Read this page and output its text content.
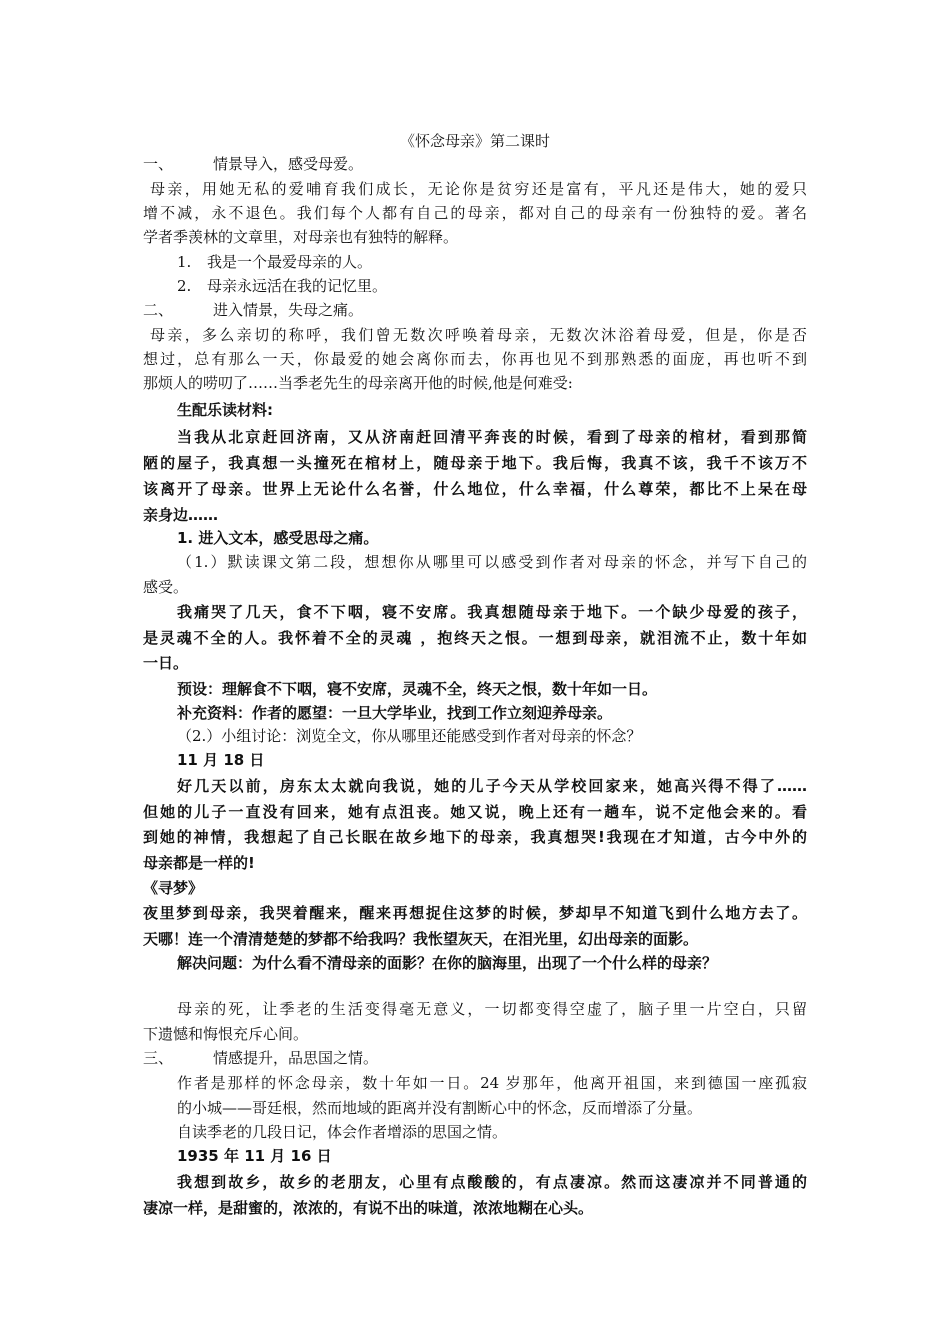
《怀念母亲》第二课时
一、	情景导入，感受母爱。
母亲，用她无私的爱哺育我们成长，无论你是贫穷还是富有，平凡还是伟大，她的爱只
增不减，永不退色。我们每个人都有自己的母亲，都对自己的母亲有一份独特的爱。著名
学者季羡林的文章里，对母亲也有独特的解释。
1. 我是一个最爱母亲的人。
2. 母亲永远活在我的记忆里。
二、	进入情景，失母之痛。
母亲，多么亲切的称呼，我们曾无数次呼唤着母亲，无数次沐浴着母爱，但是，你是否
想过，总有那么一天，你最爱的她会离你而去，你再也见不到那熟悉的面庞，再也听不到
那烦人的唠叨了……当季老先生的母亲离开他的时候,他是何难受:
生配乐读材料:
当我从北京赶回济南，又从济南赶回清平奔丧的时候，看到了母亲的棺材，看到那简
陋的屋子，我真想一头撞死在棺材上，随母亲于地下。我后悔，我真不该，我千不该万不
该离开了母亲。世界上无论什么名誉，什么地位，什么幸福，什么尊荣，都比不上呆在母
亲身边……
1. 进入文本，感受思母之痛。
（1.）默读课文第二段，想想你从哪里可以感受到作者对母亲的怀念，并写下自己的
感受。
我痛哭了几天，食不下咽，寝不安席。我真想随母亲于地下。一个缺少母爱的孩子，
是灵魂不全的人。我怀着不全的灵魂 ，抱终天之恨。一想到母亲，就泪流不止，数十年如
一日。
预设：理解食不下咽，寝不安席，灵魂不全，终天之恨，数十年如一日。
补充资料：作者的愿望：一旦大学毕业，找到工作立刻迎养母亲。
（2.）小组讨论：浏览全文，你从哪里还能感受到作者对母亲的怀念？
11 月 18 日
好几天以前，房东太太就向我说，她的儿子今天从学校回家来，她高兴得不得了……
但她的儿子一直没有回来，她有点沮丧。她又说，晚上还有一趟车，说不定他会来的。看
到她的神情，我想起了自己长眠在故乡地下的母亲，我真想哭!我现在才知道，古今中外的
母亲都是一样的!
《寻梦》
夜里梦到母亲，我哭着醒来，醒来再想捉住这梦的时候，梦却早不知道飞到什么地方去了。
天哪！连一个清清楚楚的梦都不给我吗？我怅望灰天，在泪光里，幻出母亲的面影。
解决问题：为什么看不清母亲的面影？在你的脑海里，出现了一个什么样的母亲？
母亲的死，让季老的生活变得毫无意义，一切都变得空虚了，脑子里一片空白，只留
下遗憾和悔恨充斥心间。
三、	情感提升，品思国之情。
作者是那样的怀念母亲，数十年如一日。24 岁那年，他离开祖国，来到德国一座孤寂
的小城——哥廷根，然而地域的距离并没有割断心中的怀念，反而增添了分量。
自读季老的几段日记，体会作者增添的思国之情。
1935 年 11 月 16 日
我想到故乡，故乡的老朋友，心里有点酸酸的，有点凄凉。然而这凄凉并不同普通的
凄凉一样，是甜蜜的，浓浓的，有说不出的味道，浓浓地糊在心头。
